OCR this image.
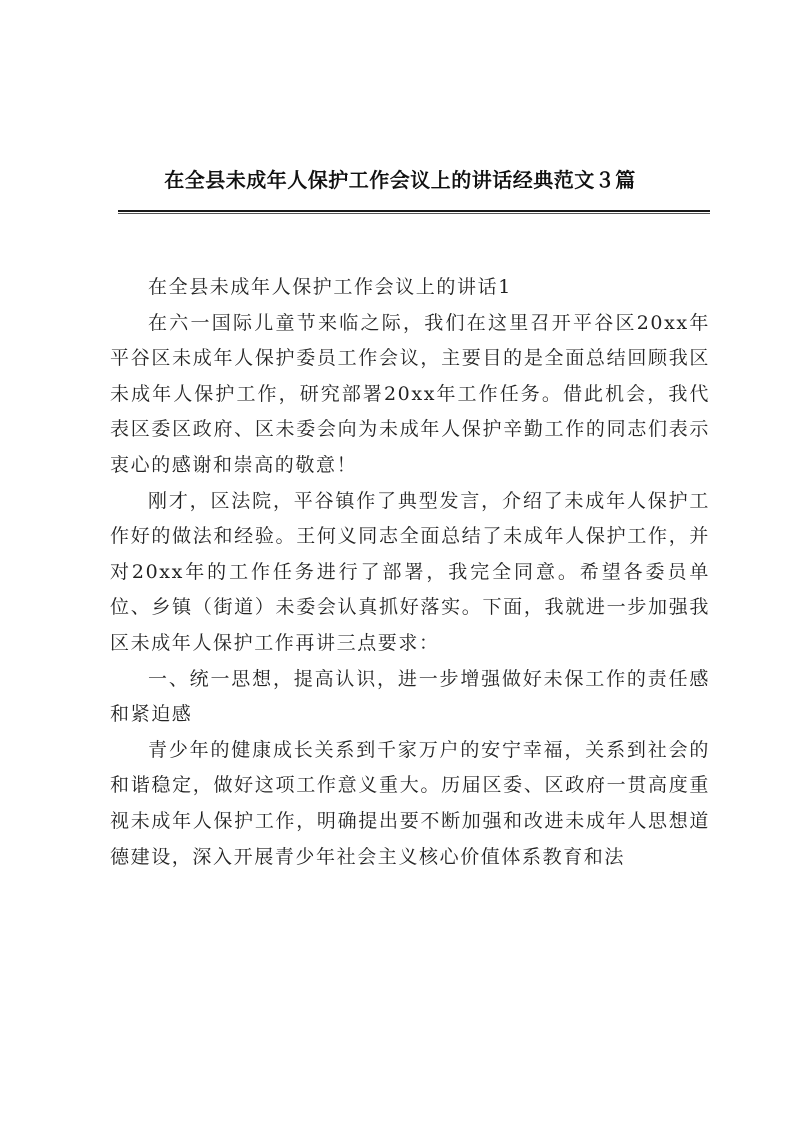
在全县未成年人保护工作会议上的讲话经典范文３篇

在全县未成年人保护工作会议上的讲话1

在六一国际儿童节来临之际，我们在这里召开平谷区20xx年平谷区未成年人保护委员工作会议，主要目的是全面总结回顾我区未成年人保护工作，研究部署20xx年工作任务。借此机会，我代表区委区政府、区未委会向为未成年人保护辛勤工作的同志们表示衷心的感谢和崇高的敬意！

刚才，区法院，平谷镇作了典型发言，介绍了未成年人保护工作好的做法和经验。王何义同志全面总结了未成年人保护工作，并对20xx年的工作任务进行了部署，我完全同意。希望各委员单位、乡镇（街道）未委会认真抓好落实。下面，我就进一步加强我区未成年人保护工作再讲三点要求：

一、统一思想，提高认识，进一步增强做好未保工作的责任感和紧迫感

青少年的健康成长关系到千家万户的安宁幸福，关系到社会的和谐稳定，做好这项工作意义重大。历届区委、区政府一贯高度重视未成年人保护工作，明确提出要不断加强和改进未成年人思想道德建设，深入开展青少年社会主义核心价值体系教育和法
